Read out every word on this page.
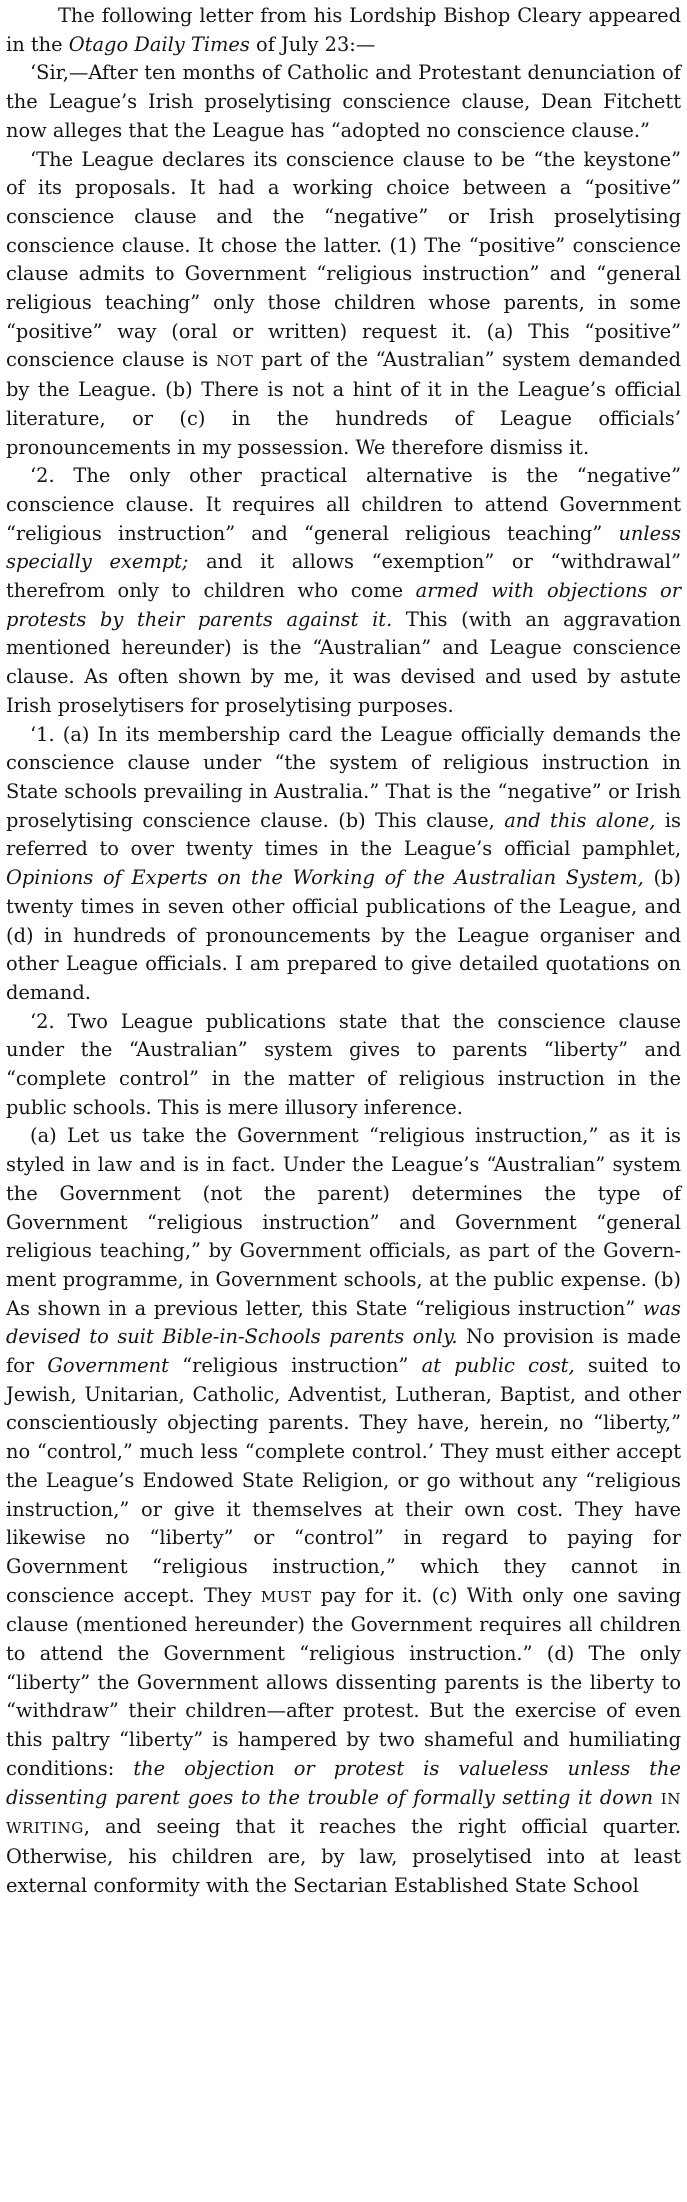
The following letter from his Lordship Bishop Cleary appeared in the Otago Daily Times of July 23:—

‘Sir,—After ten months of Catholic and Protestant denunciation of the League’s Irish proselytising conscience clause, Dean Fitchett now alleges that the League has “adopted no conscience clause.”

‘The League declares its conscience clause to be “the keystone” of its proposals. It had a working choice between a “positive” conscience clause and the “negative” or Irish proselytising conscience clause. It chose the latter. (1) The “positive” conscience clause admits to Government “religious instruction” and “general religious teaching” only those children whose parents, in some “positive” way (oral or written) request it. (a) This “positive” conscience clause is NOT part of the “Australian” system demanded by the League. (b) There is not a hint of it in the League’s official literature, or (c) in the hundreds of League officials’ pronouncements in my possession. We therefore dismiss it.

‘2. The only other practical alternative is the “negative” conscience clause. It requires all children to attend Government “religious instruction” and “general religious teaching” unless specially exempt; and it allows “exemption” or “withdrawal” therefrom only to children who come armed with objections or protests by their parents against it. This (with an aggravation mentioned hereunder) is the “Australian” and League conscience clause. As often shown by me, it was devised and used by astute Irish proselytisers for proselytising purposes.

‘1. (a) In its membership card the League officially demands the conscience clause under “the system of religious instruction in State schools prevailing in Australia.” That is the “negative” or Irish proselytising conscience clause. (b) This clause, and this alone, is referred to over twenty times in the League’s official pamphlet, Opinions of Experts on the Working of the Australian System, (b) twenty times in seven other official publications of the League, and (d) in hundreds of pronouncements by the League organiser and other League officials. I am prepared to give detailed quotations on demand.

‘2. Two League publications state that the conscience clause under the “Australian” system gives to parents “liberty” and “complete control” in the matter of religious instruction in the public schools. This is mere illusory inference.

(a) Let us take the Government “religious instruction,” as it is styled in law and is in fact. Under the League’s “Australian” system the Government (not the parent) determines the type of Government “religious instruction” and Government “general religious teaching,” by Government officials, as part of the Government programme, in Government schools, at the public expense. (b) As shown in a previous letter, this State “religious instruction” was devised to suit Bible-in-Schools parents only. No provision is made for Government “religious instruction” at public cost, suited to Jewish, Unitarian, Catholic, Adventist, Lutheran, Baptist, and other conscientiously objecting parents. They have, herein, no “liberty,” no “control,” much less “complete control.’ They must either accept the League’s Endowed State Religion, or go without any “religious instruction,” or give it themselves at their own cost. They have likewise no “liberty” or “control” in regard to paying for Government “religious instruction,” which they cannot in conscience accept. They MUST pay for it. (c) With only one saving clause (mentioned hereunder) the Government requires all children to attend the Government “religious instruction.” (d) The only “liberty” the Government allows dissenting parents is the liberty to “withdraw” their children—after protest. But the exercise of even this paltry “liberty” is hampered by two shameful and humiliating conditions: the objection or protest is valueless unless the dissenting parent goes to the trouble of formally setting it down IN WRITING, and seeing that it reaches the right official quarter. Otherwise, his children are, by law, proselytised into at least external conformity with the Sectarian Established State School
